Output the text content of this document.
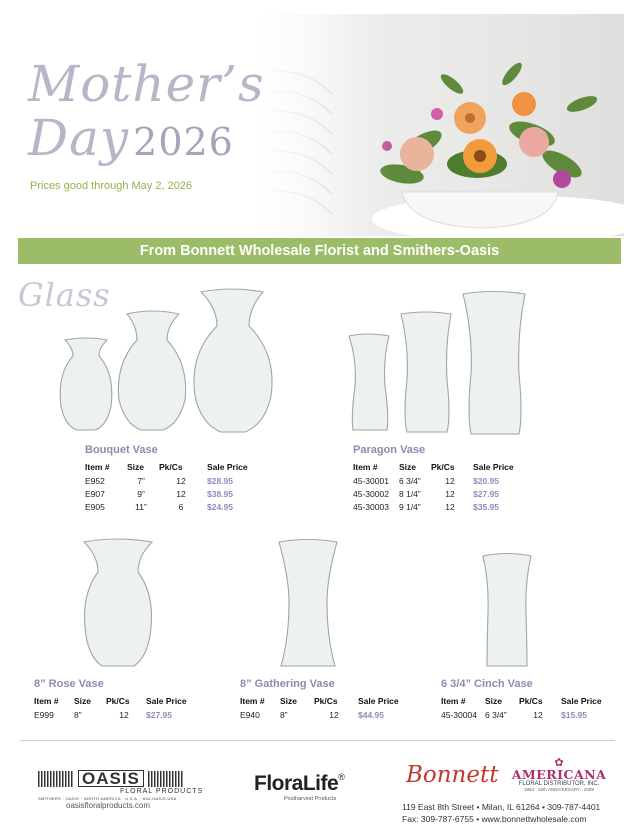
Mother’s
Day 2026
Prices good through May 2, 2026
From Bonnett Wholesale Florist and Smithers-Oasis
Glass
Bouquet Vase
Item #	Size	Pk/Cs	Sale Price
E952	7”	12	$28.95
E907	9”	12	$38.95
E905	11”	6	$24.95
Paragon Vase
Item #	Size	Pk/Cs	Sale Price
45-30001	6 3/4”	12	$20.95
45-30002	8 1/4”	12	$27.95
45-30003	9 1/4”	12	$35.95
8” Rose Vase
Item #	Size	Pk/Cs	Sale Price
E999	8”	12	$27.95
8” Gathering Vase
Item #	Size	Pk/Cs	Sale Price
E940	8”	12	$44.95
6 3/4” Cinch Vase
Item #	Size	Pk/Cs	Sale Price
45-30004	6 3/4”	12	$15.95
OASIS
FLORAL PRODUCTS
SMITHERS · OASIS · NORTH AMERICA · U.S.A. · 844-OASIS-USA
oasisfloralproducts.com
FloraLife®
Postharvest Products
Bonnett	✿
AMERICANA
FLORAL DISTRIBUTOR, INC.
1984 · 25th ANNIVERSARY · 2009
119 East 8th Street • Milan, IL 61264 • 309-787-4401
Fax: 309-787-6755 • www.bonnettwholesale.com
